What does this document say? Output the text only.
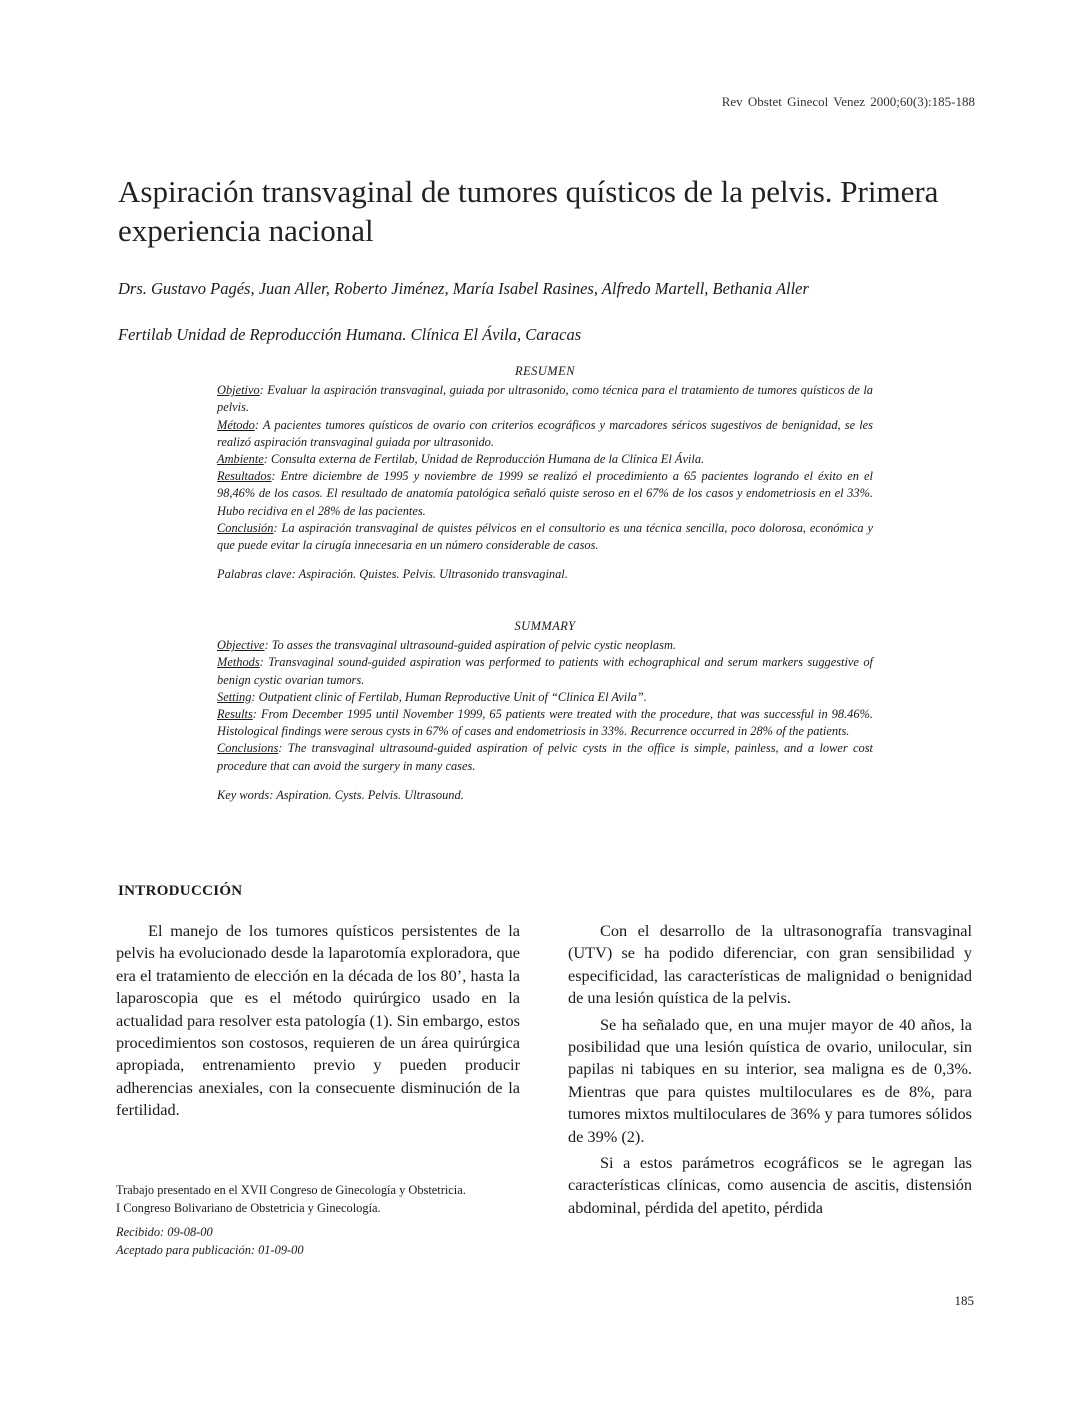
Rev Obstet Ginecol Venez 2000;60(3):185-188
Aspiración transvaginal de tumores quísticos de la pelvis. Primera experiencia nacional
Drs. Gustavo Pagés, Juan Aller, Roberto Jiménez, María Isabel Rasines, Alfredo Martell, Bethania Aller
Fertilab Unidad de Reproducción Humana. Clínica El Ávila, Caracas
RESUMEN

Objetivo: Evaluar la aspiración transvaginal, guiada por ultrasonido, como técnica para el tratamiento de tumores quísticos de la pelvis.

Método: A pacientes tumores quísticos de ovario con criterios ecográficos y marcadores séricos sugestivos de benignidad, se les realizó aspiración transvaginal guiada por ultrasonido.

Ambiente: Consulta externa de Fertilab, Unidad de Reproducción Humana de la Clínica El Ávila.

Resultados: Entre diciembre de 1995 y noviembre de 1999 se realizó el procedimiento a 65 pacientes logrando el éxito en el 98,46% de los casos. El resultado de anatomía patológica señaló quiste seroso en el 67% de los casos y endometriosis en el 33%. Hubo recidiva en el 28% de las pacientes.

Conclusión: La aspiración transvaginal de quistes pélvicos en el consultorio es una técnica sencilla, poco dolorosa, económica y que puede evitar la cirugía innecesaria en un número considerable de casos.

Palabras clave: Aspiración. Quistes. Pelvis. Ultrasonido transvaginal.

SUMMARY

Objective: To asses the transvaginal ultrasound-guided aspiration of pelvic cystic neoplasm.

Methods: Transvaginal sound-guided aspiration was performed to patients with echographical and serum markers suggestive of benign cystic ovarian tumors.

Setting: Outpatient clinic of Fertilab, Human Reproductive Unit of “Clinica El Avila”.

Results: From December 1995 until November 1999, 65 patients were treated with the procedure, that was successful in 98.46%. Histological findings were serous cysts in 67% of cases and endometriosis in 33%. Recurrence occurred in 28% of the patients.

Conclusions: The transvaginal ultrasound-guided aspiration of pelvic cysts in the office is simple, painless, and a lower cost procedure that can avoid the surgery in many cases.

Key words: Aspiration. Cysts. Pelvis. Ultrasound.

INTRODUCCIÓN

El manejo de los tumores quísticos persistentes de la pelvis ha evolucionado desde la laparotomía exploradora, que era el tratamiento de elección en la década de los 80’, hasta la laparoscopia que es el método quirúrgico usado en la actualidad para resolver esta patología (1). Sin embargo, estos procedimientos son costosos, requieren de un área quirúrgica apropiada, entrenamiento previo y pueden producir adherencias anexiales, con la consecuente disminución de la fertilidad.

Con el desarrollo de la ultrasonografía transvaginal (UTV) se ha podido diferenciar, con gran sensibilidad y especificidad, las características de malignidad o benignidad de una lesión quística de la pelvis.

Se ha señalado que, en una mujer mayor de 40 años, la posibilidad que una lesión quística de ovario, unilocular, sin papilas ni tabiques en su interior, sea maligna es de 0,3%. Mientras que para quistes multiloculares es de 8%, para tumores mixtos multiloculares de 36% y para tumores sólidos de 39% (2).

Si a estos parámetros ecográficos se le agregan las características clínicas, como ausencia de ascitis, distensión abdominal, pérdida del apetito, pérdida

Trabajo presentado en el XVII Congreso de Ginecología y Obstetricia.
I Congreso Bolivariano de Obstetricia y Ginecología.
Recibido: 09-08-00
Aceptado para publicación: 01-09-00
185
